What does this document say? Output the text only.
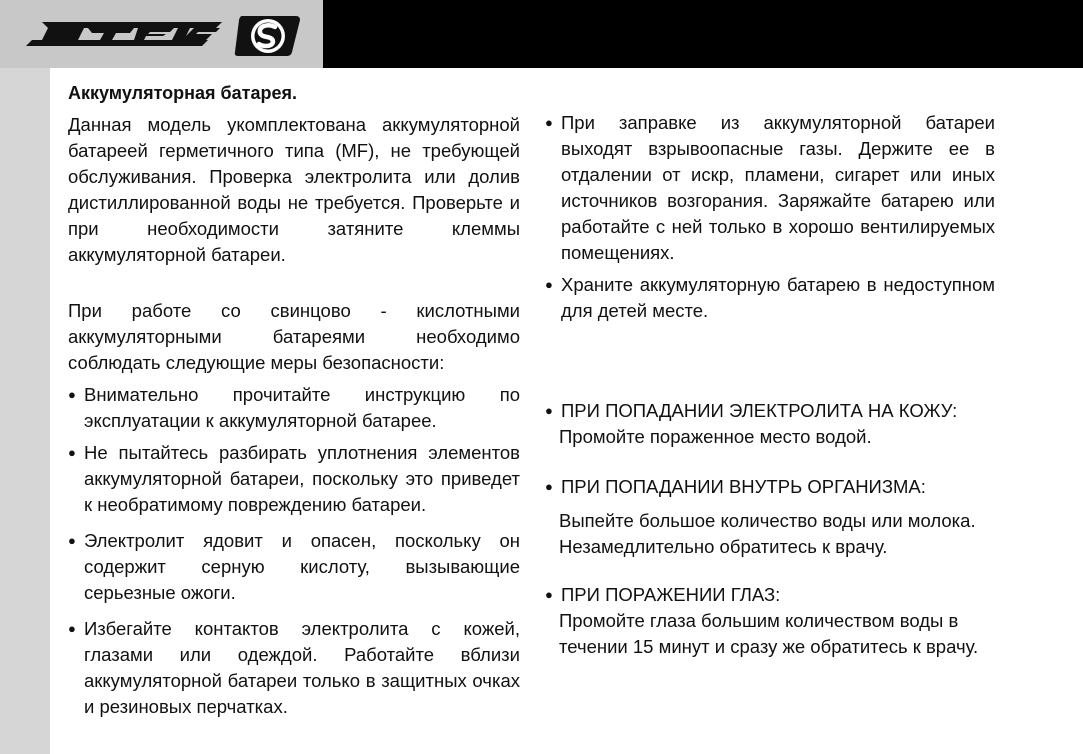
Аккумуляторная батарея.

Данная модель укомплектована аккумуляторной батареей герметичного типа (MF), не требующей обслуживания. Проверка электролита или долив дистиллированной воды не требуется. Проверьте и при необходимости затяните клеммы аккумуляторной батареи.

При работе со свинцово - кислотными аккумуляторными батареями необходимо соблюдать следующие меры безопасности:

● Внимательно прочитайте инструкцию по эксплуатации к аккумуляторной батарее.
● Не пытайтесь разбирать уплотнения элементов аккумуляторной батареи, поскольку это приведет к необратимому повреждению батареи.
● Электролит ядовит и опасен, поскольку он содержит серную кислоту, вызывающие серьезные ожоги.
● Избегайте контактов электролита с кожей, глазами или одеждой. Работайте вблизи аккумуляторной батареи только в защитных очках и резиновых перчатках.
● При заправке из аккумуляторной батареи выходят взрывоопасные газы. Держите ее в отдалении от искр, пламени, сигарет или иных источников возгорания. Заряжайте батарею или работайте с ней только в хорошо вентилируемых помещениях.
● Храните аккумуляторную батарею в недоступном для детей месте.
● ПРИ ПОПАДАНИИ ЭЛЕКТРОЛИТА НА КОЖУ:
Промойте пораженное место водой.
● ПРИ ПОПАДАНИИ ВНУТРЬ ОРГАНИЗМА:
Выпейте большое количество воды или молока. Незамедлительно обратитесь к врачу.
● ПРИ ПОРАЖЕНИИ ГЛАЗ:
Промойте глаза большим количеством воды в течении 15 минут и сразу же обратитесь к врачу.
